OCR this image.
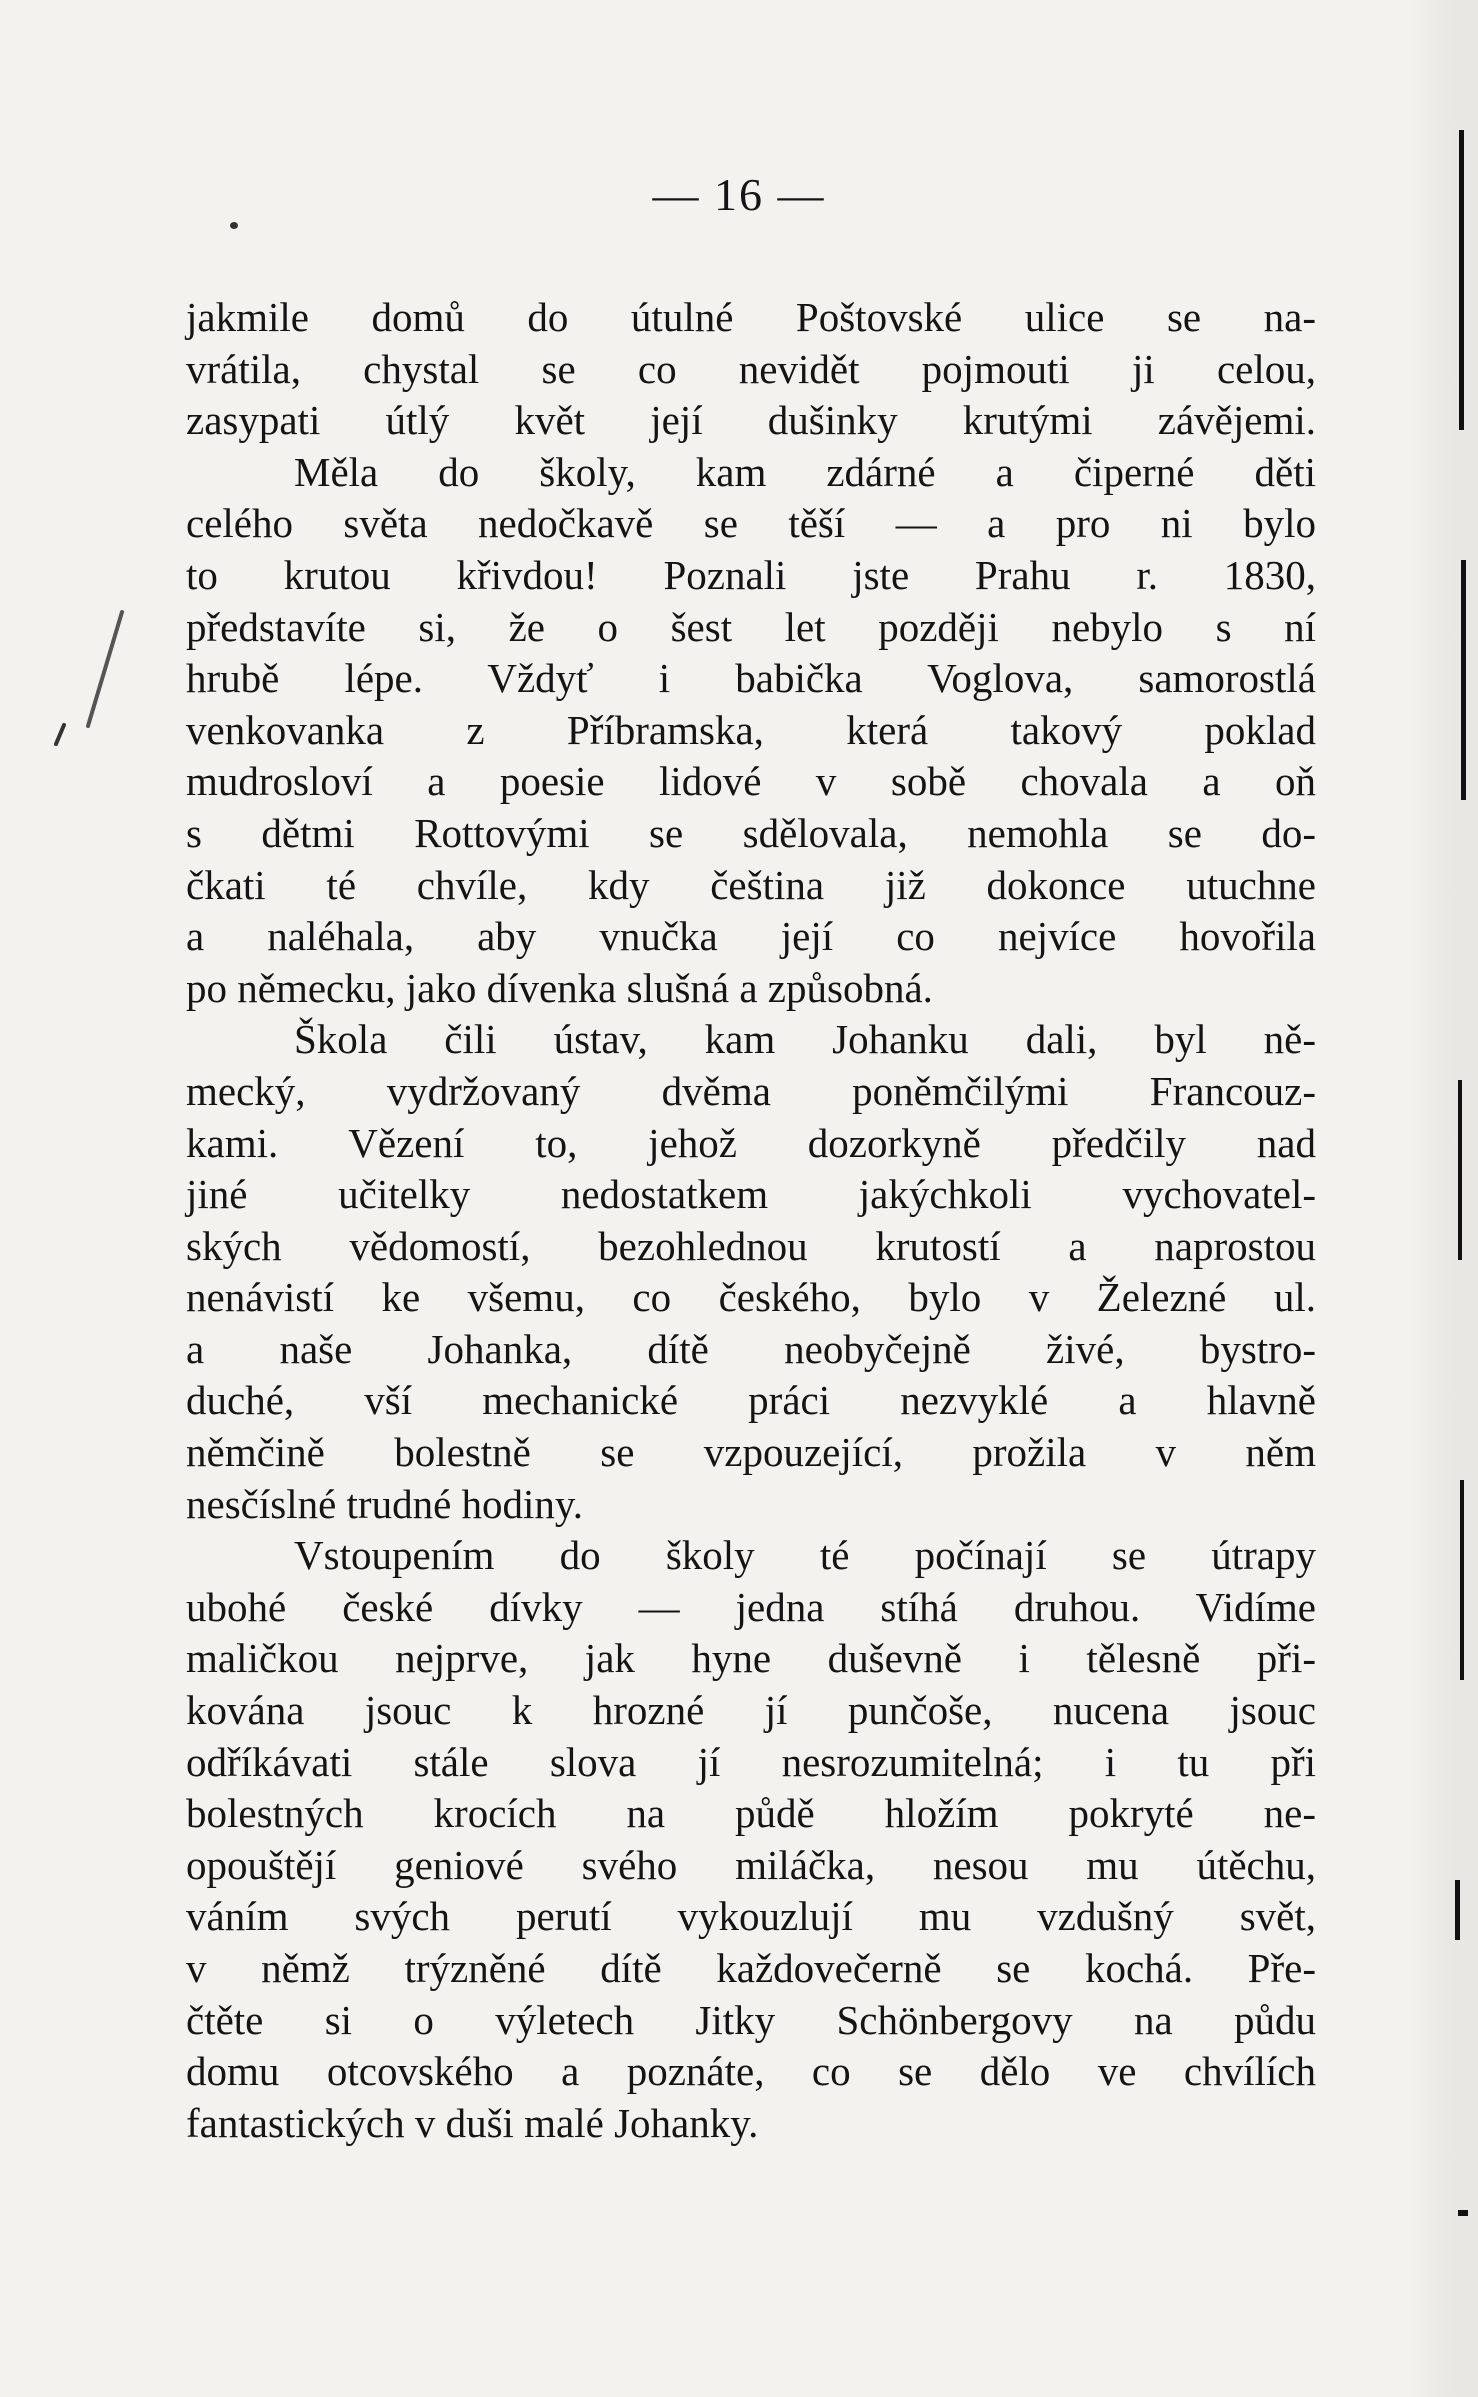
— 16 —
jakmile domů do útulné Poštovské ulice se na-
vrátila, chystal se co nevidět pojmouti ji celou,
zasypati útlý květ její dušinky krutými závějemi.
Měla do školy, kam zdárné a čiperné děti
celého světa nedočkavě se těší — a pro ni bylo
to krutou křivdou! Poznali jste Prahu r. 1830,
představíte si, že o šest let později nebylo s ní
hrubě lépe. Vždyť i babička Voglova, samorostlá
venkovanka z Příbramska, která takový poklad
mudrosloví a poesie lidové v sobě chovala a oň
s dětmi Rottovými se sdělovala, nemohla se do-
čkati té chvíle, kdy čeština již dokonce utuchne
a naléhala, aby vnučka její co nejvíce hovořila
po německu, jako dívenka slušná a způsobná.
Škola čili ústav, kam Johanku dali, byl ně-
mecký, vydržovaný dvěma poněmčilými Francouz-
kami. Vězení to, jehož dozorkyně předčily nad
jiné učitelky nedostatkem jakýchkoli vychovatel-
ských vědomostí, bezohlednou krutostí a naprostou
nenávistí ke všemu, co českého, bylo v Železné ul.
a naše Johanka, dítě neobyčejně živé, bystro-
duché, vší mechanické práci nezvyklé a hlavně
němčině bolestně se vzpouzející, prožila v něm
nesčíslné trudné hodiny.
Vstoupením do školy té počínají se útrapy
ubohé české dívky — jedna stíhá druhou. Vidíme
maličkou nejprve, jak hyne duševně i tělesně při-
kována jsouc k hrozné jí punčoše, nucena jsouc
odříkávati stále slova jí nesrozumitelná; i tu při
bolestných krocích na půdě hložím pokryté ne-
opouštějí geniové svého miláčka, nesou mu útěchu,
váním svých perutí vykouzlují mu vzdušný svět,
v němž trýzněné dítě každovečerně se kochá. Pře-
čtěte si o výletech Jitky Schönbergovy na půdu
domu otcovského a poznáte, co se dělo ve chvílích
fantastických v duši malé Johanky.
